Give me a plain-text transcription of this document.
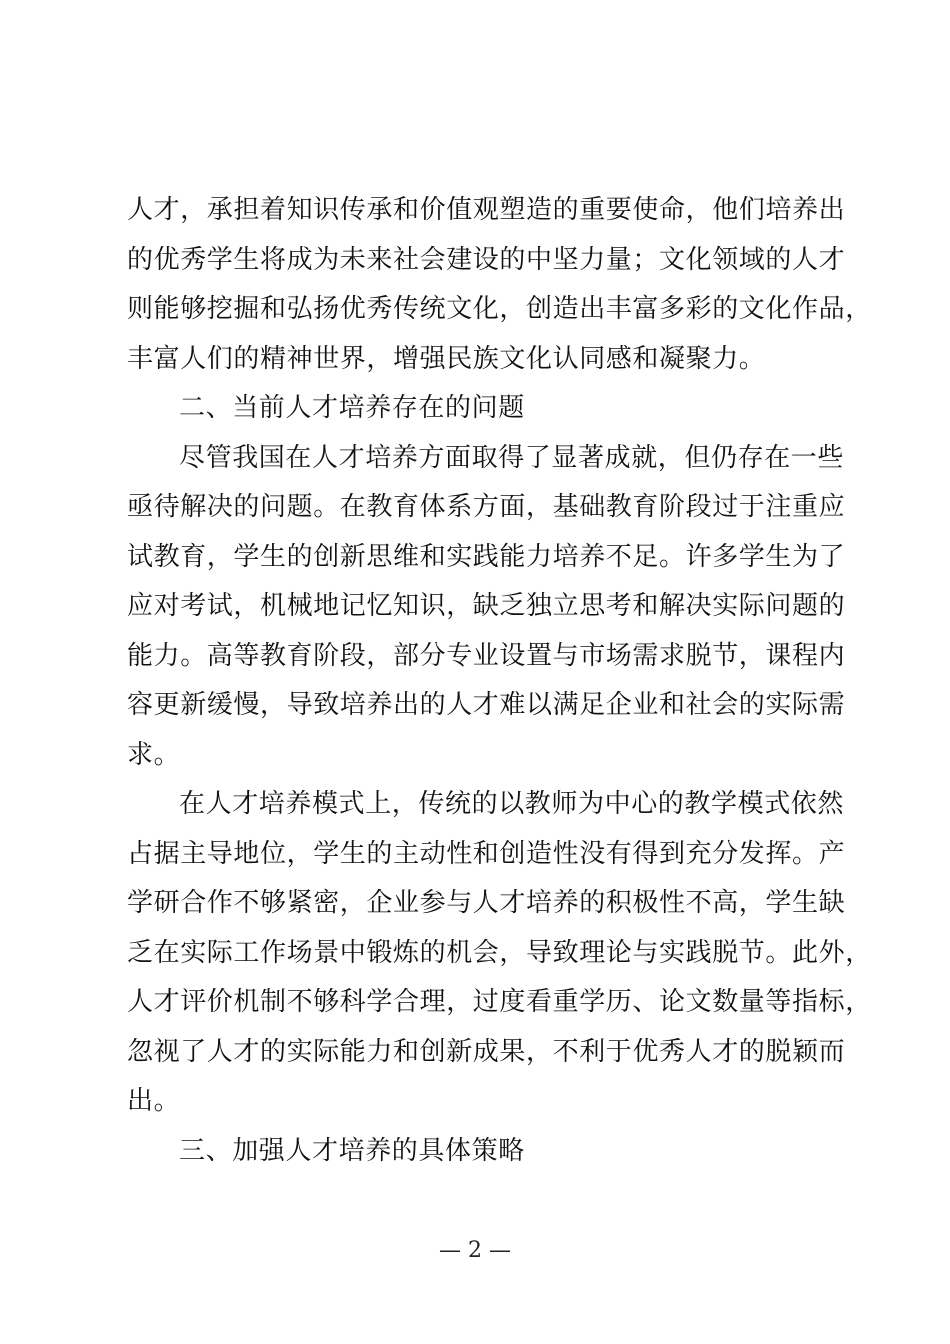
人才，承担着知识传承和价值观塑造的重要使命，他们培养出
的优秀学生将成为未来社会建设的中坚力量；文化领域的人才
则能够挖掘和弘扬优秀传统文化，创造出丰富多彩的文化作品，
丰富人们的精神世界，增强民族文化认同感和凝聚力。
二、当前人才培养存在的问题
尽管我国在人才培养方面取得了显著成就，但仍存在一些
亟待解决的问题。在教育体系方面，基础教育阶段过于注重应
试教育，学生的创新思维和实践能力培养不足。许多学生为了
应对考试，机械地记忆知识，缺乏独立思考和解决实际问题的
能力。高等教育阶段，部分专业设置与市场需求脱节，课程内
容更新缓慢，导致培养出的人才难以满足企业和社会的实际需
求。
在人才培养模式上，传统的以教师为中心的教学模式依然
占据主导地位，学生的主动性和创造性没有得到充分发挥。产
学研合作不够紧密，企业参与人才培养的积极性不高，学生缺
乏在实际工作场景中锻炼的机会，导致理论与实践脱节。此外，
人才评价机制不够科学合理，过度看重学历、论文数量等指标，
忽视了人才的实际能力和创新成果，不利于优秀人才的脱颖而
出。
三、加强人才培养的具体策略
— 2 —
